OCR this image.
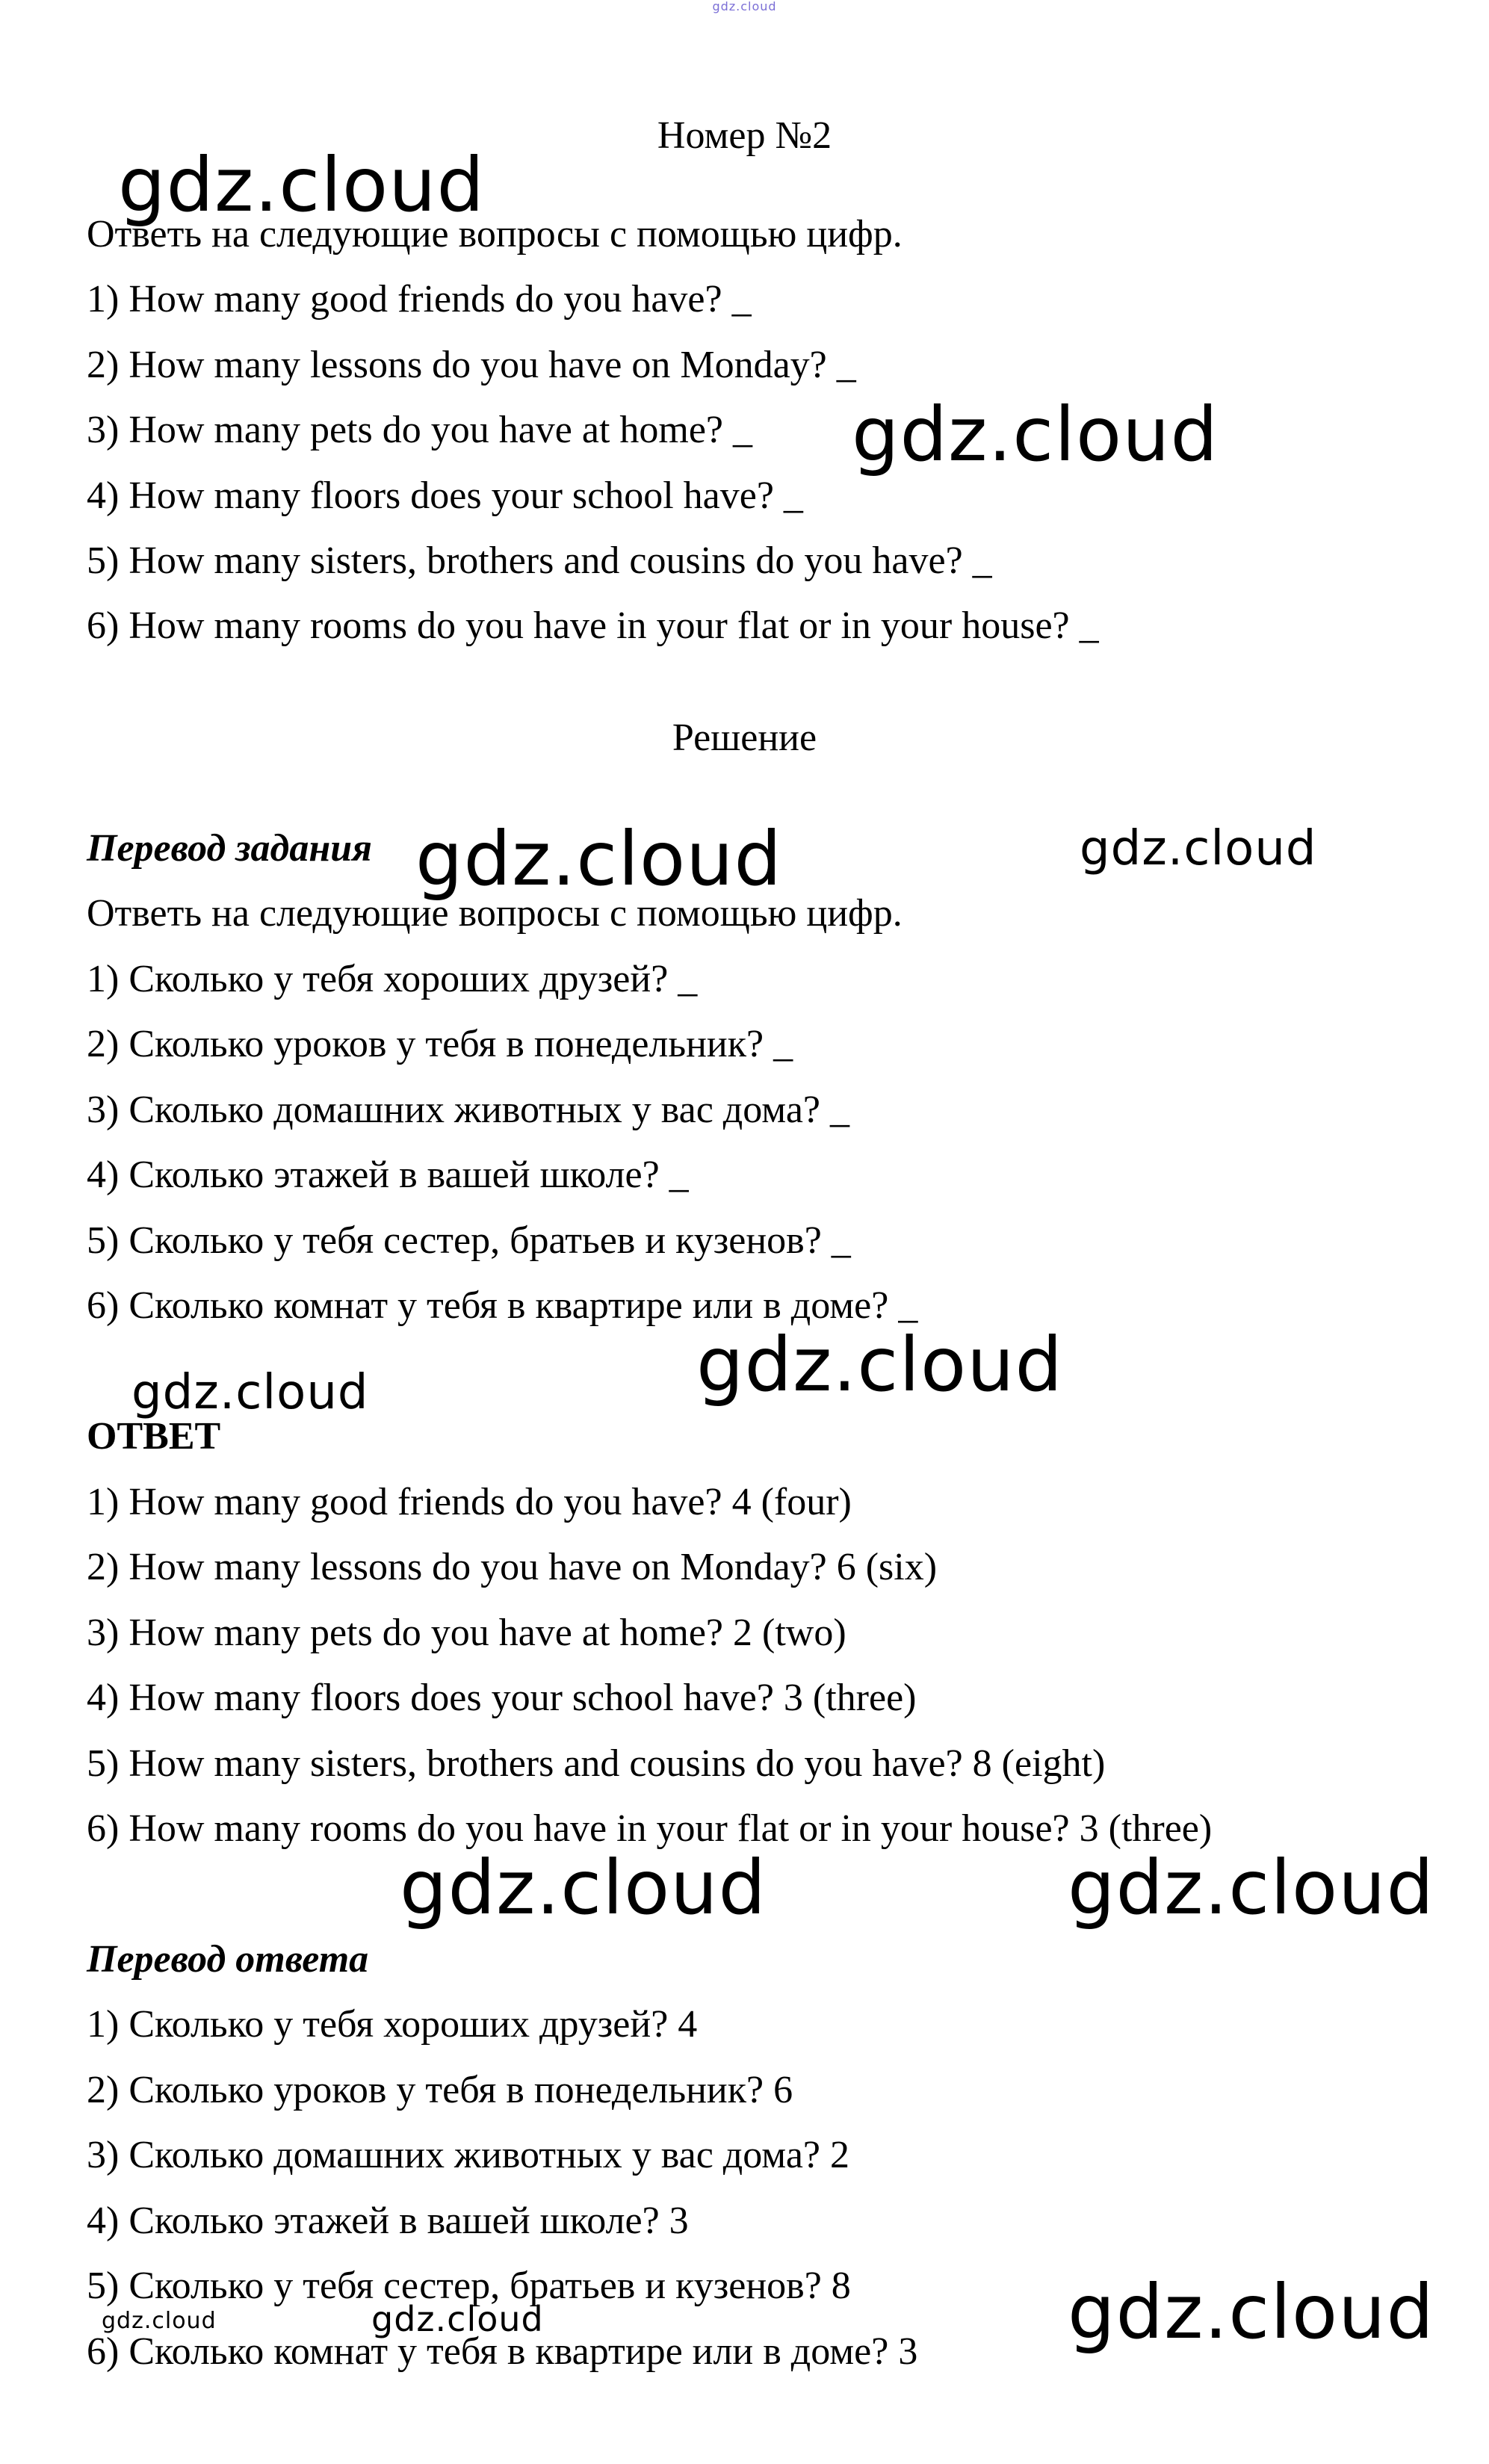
gdz.cloud
Номер №2
Ответь на следующие вопросы с помощью цифр.
1) How many good friends do you have? _
2) How many lessons do you have on Monday? _
3) How many pets do you have at home? _
4) How many floors does your school have? _
5) How many sisters, brothers and cousins do you have? _
6) How many rooms do you have in your flat or in your house? _
Решение
Перевод задания
Ответь на следующие вопросы с помощью цифр.
1) Сколько у тебя хороших друзей? _
2) Сколько уроков у тебя в понедельник? _
3) Сколько домашних животных у вас дома? _
4) Сколько этажей в вашей школе? _
5) Сколько у тебя сестер, братьев и кузенов? _
6) Сколько комнат у тебя в квартире или в доме? _
ОТВЕТ
1) How many good friends do you have? 4 (four)
2) How many lessons do you have on Monday? 6 (six)
3) How many pets do you have at home? 2 (two)
4) How many floors does your school have? 3 (three)
5) How many sisters, brothers and cousins do you have? 8 (eight)
6) How many rooms do you have in your flat or in your house? 3 (three)
Перевод ответа
1) Сколько у тебя хороших друзей? 4
2) Сколько уроков у тебя в понедельник? 6
3) Сколько домашних животных у вас дома? 2
4) Сколько этажей в вашей школе? 3
5) Сколько у тебя сестер, братьев и кузенов? 8
6) Сколько комнат у тебя в квартире или в доме? 3
gdz.cloud
gdz.cloud
gdz.cloud	gdz.cloud
gdz.cloud
gdz.cloud
gdz.cloud	gdz.cloud
gdz.cloud
gdz.cloud
gdz.cloud
